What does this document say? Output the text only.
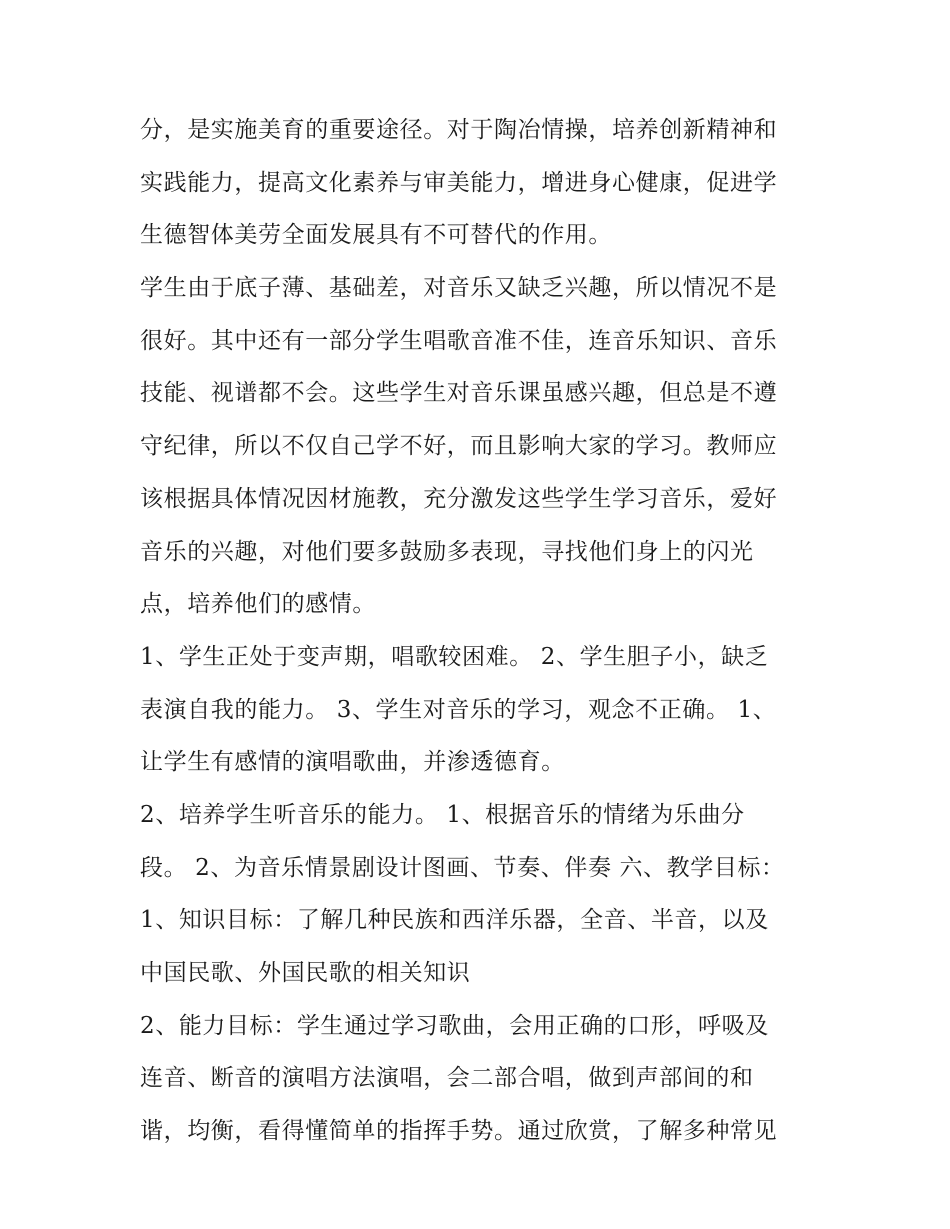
分，是实施美育的重要途径。对于陶冶情操，培养创新精神和
实践能力，提高文化素养与审美能力，增进身心健康，促进学
生德智体美劳全面发展具有不可替代的作用。
学生由于底子薄、基础差，对音乐又缺乏兴趣，所以情况不是
很好。其中还有一部分学生唱歌音准不佳，连音乐知识、音乐
技能、视谱都不会。这些学生对音乐课虽感兴趣，但总是不遵
守纪律，所以不仅自己学不好，而且影响大家的学习。教师应
该根据具体情况因材施教，充分激发这些学生学习音乐，爱好
音乐的兴趣，对他们要多鼓励多表现，寻找他们身上的闪光
点，培养他们的感情。
1、学生正处于变声期，唱歌较困难。 2、学生胆子小，缺乏
表演自我的能力。 3、学生对音乐的学习，观念不正确。 1、
让学生有感情的演唱歌曲，并渗透德育。
2、培养学生听音乐的能力。 1、根据音乐的情绪为乐曲分
段。 2、为音乐情景剧设计图画、节奏、伴奏 六、教学目标：
1、知识目标：了解几种民族和西洋乐器，全音、半音，以及
中国民歌、外国民歌的相关知识
2、能力目标：学生通过学习歌曲，会用正确的口形，呼吸及
连音、断音的演唱方法演唱，会二部合唱，做到声部间的和
谐，均衡，看得懂简单的指挥手势。通过欣赏，了解多种常见
